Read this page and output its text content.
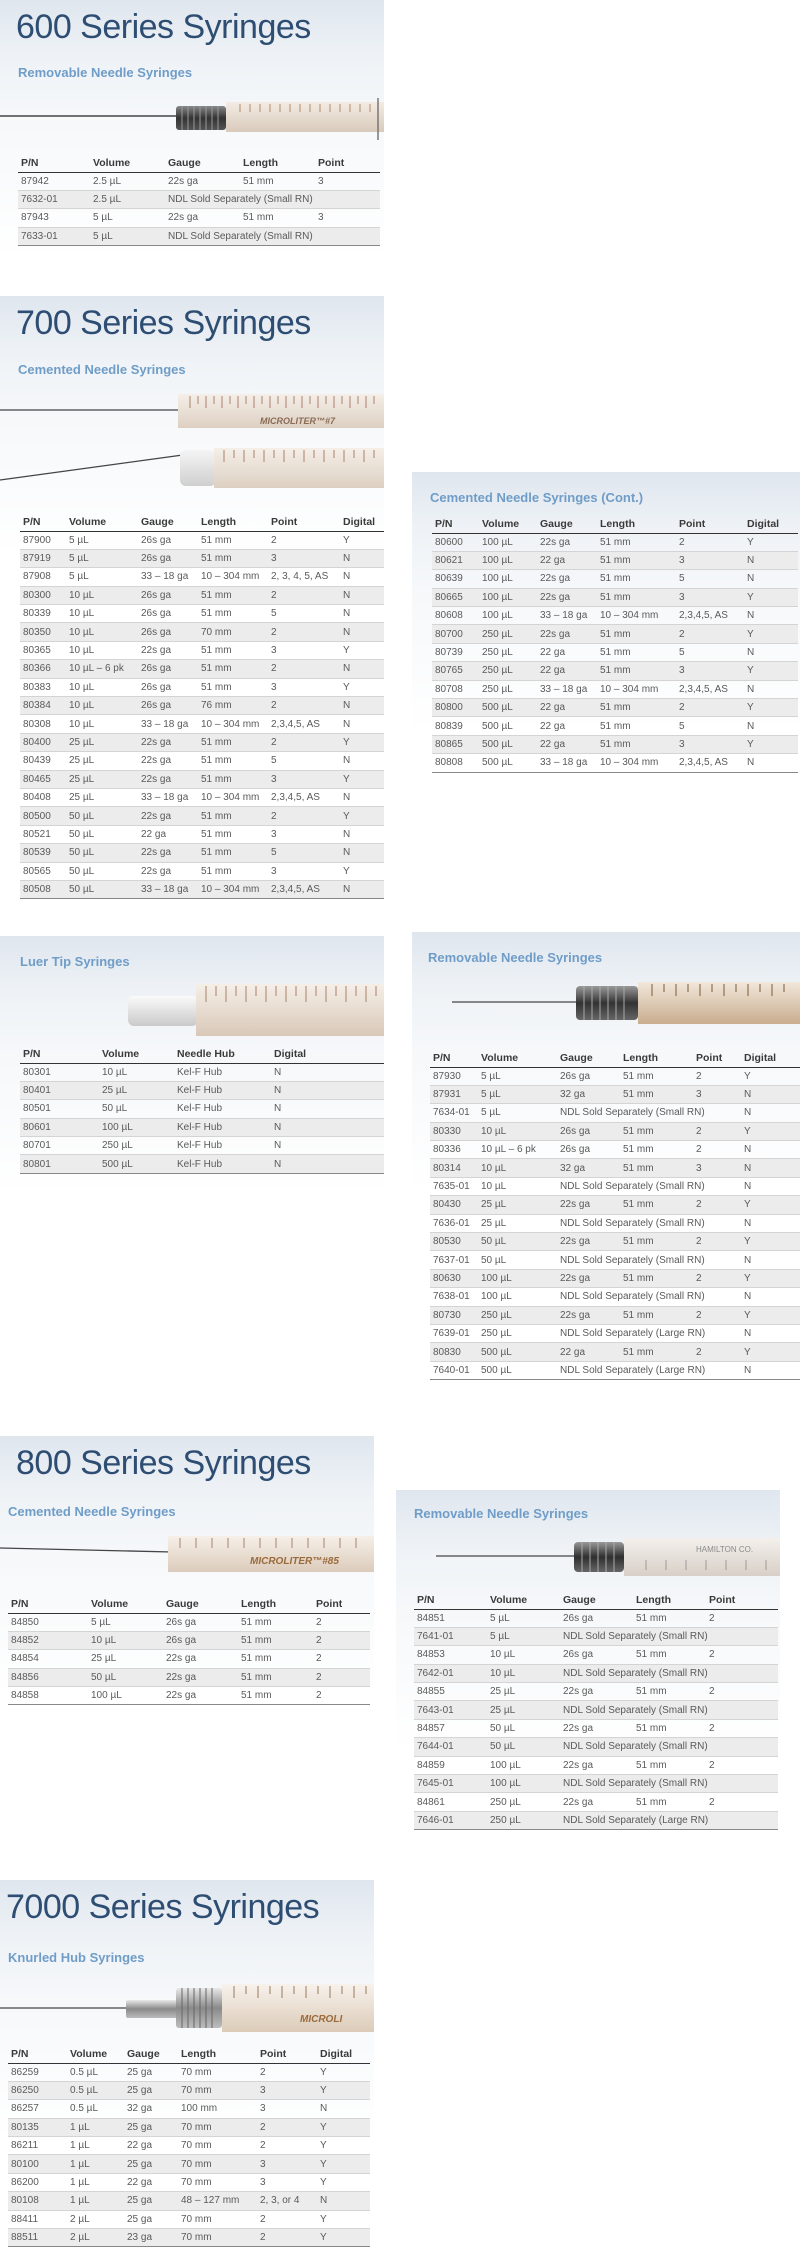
600 Series Syringes
Removable Needle Syringes
P/N	Volume	Gauge	Length	Point
87942	2.5 µL	22s ga	51 mm	3
7632-01	2.5 µL	NDL Sold Separately (Small RN)		
87943	5 µL	22s ga	51 mm	3
7633-01	5 µL	NDL Sold Separately (Small RN)		
700 Series Syringes
Cemented Needle Syringes
MICROLITER™#7
P/N	Volume	Gauge	Length	Point	Digital
87900	5 µL	26s ga	51 mm	2	Y
87919	5 µL	26s ga	51 mm	3	N
87908	5 µL	33 – 18 ga	10 – 304 mm	2, 3, 4, 5, AS	N
80300	10 µL	26s ga	51 mm	2	N
80339	10 µL	26s ga	51 mm	5	N
80350	10 µL	26s ga	70 mm	2	N
80365	10 µL	22s ga	51 mm	3	Y
80366	10 µL – 6 pk	26s ga	51 mm	2	N
80383	10 µL	26s ga	51 mm	3	Y
80384	10 µL	26s ga	76 mm	2	N
80308	10 µL	33 – 18 ga	10 – 304 mm	2,3,4,5, AS	N
80400	25 µL	22s ga	51 mm	2	Y
80439	25 µL	22s ga	51 mm	5	N
80465	25 µL	22s ga	51 mm	3	Y
80408	25 µL	33 – 18 ga	10 – 304 mm	2,3,4,5, AS	N
80500	50 µL	22s ga	51 mm	2	Y
80521	50 µL	22 ga	51 mm	3	N
80539	50 µL	22s ga	51 mm	5	N
80565	50 µL	22s ga	51 mm	3	Y
80508	50 µL	33 – 18 ga	10 – 304 mm	2,3,4,5, AS	N
Cemented Needle Syringes (Cont.)
P/N	Volume	Gauge	Length	Point	Digital
80600	100 µL	22s ga	51 mm	2	Y
80621	100 µL	22 ga	51 mm	3	N
80639	100 µL	22s ga	51 mm	5	N
80665	100 µL	22s ga	51 mm	3	Y
80608	100 µL	33 – 18 ga	10 – 304 mm	2,3,4,5, AS	N
80700	250 µL	22s ga	51 mm	2	Y
80739	250 µL	22 ga	51 mm	5	N
80765	250 µL	22 ga	51 mm	3	Y
80708	250 µL	33 – 18 ga	10 – 304 mm	2,3,4,5, AS	N
80800	500 µL	22 ga	51 mm	2	Y
80839	500 µL	22 ga	51 mm	5	N
80865	500 µL	22 ga	51 mm	3	Y
80808	500 µL	33 – 18 ga	10 – 304 mm	2,3,4,5, AS	N
Luer Tip Syringes
P/N	Volume	Needle Hub	Digital
80301	10 µL	Kel-F Hub	N
80401	25 µL	Kel-F Hub	N
80501	50 µL	Kel-F Hub	N
80601	100 µL	Kel-F Hub	N
80701	250 µL	Kel-F Hub	N
80801	500 µL	Kel-F Hub	N
Removable Needle Syringes
P/N	Volume	Gauge	Length	Point	Digital
87930	5 µL	26s ga	51 mm	2	Y
87931	5 µL	32 ga	51 mm	3	N
7634-01	5 µL	NDL Sold Separately (Small RN)			N
80330	10 µL	26s ga	51 mm	2	Y
80336	10 µL – 6 pk	26s ga	51 mm	2	N
80314	10 µL	32 ga	51 mm	3	N
7635-01	10 µL	NDL Sold Separately (Small RN)			N
80430	25 µL	22s ga	51 mm	2	Y
7636-01	25 µL	NDL Sold Separately (Small RN)			N
80530	50 µL	22s ga	51 mm	2	Y
7637-01	50 µL	NDL Sold Separately (Small RN)			N
80630	100 µL	22s ga	51 mm	2	Y
7638-01	100 µL	NDL Sold Separately (Small RN)			N
80730	250 µL	22s ga	51 mm	2	Y
7639-01	250 µL	NDL Sold Separately (Large RN)			N
80830	500 µL	22 ga	51 mm	2	Y
7640-01	500 µL	NDL Sold Separately (Large RN)			N
800 Series Syringes
Cemented Needle Syringes
MICROLITER™#85
P/N	Volume	Gauge	Length	Point
84850	5 µL	26s ga	51 mm	2
84852	10 µL	26s ga	51 mm	2
84854	25 µL	22s ga	51 mm	2
84856	50 µL	22s ga	51 mm	2
84858	100 µL	22s ga	51 mm	2
Removable Needle Syringes
HAMILTON CO.
P/N	Volume	Gauge	Length	Point
84851	5 µL	26s ga	51 mm	2
7641-01	5 µL	NDL Sold Separately (Small RN)		
84853	10 µL	26s ga	51 mm	2
7642-01	10 µL	NDL Sold Separately (Small RN)		
84855	25 µL	22s ga	51 mm	2
7643-01	25 µL	NDL Sold Separately (Small RN)		
84857	50 µL	22s ga	51 mm	2
7644-01	50 µL	NDL Sold Separately (Small RN)		
84859	100 µL	22s ga	51 mm	2
7645-01	100 µL	NDL Sold Separately (Small RN)		
84861	250 µL	22s ga	51 mm	2
7646-01	250 µL	NDL Sold Separately (Large RN)		
7000 Series Syringes
Knurled Hub Syringes
MICROLI
P/N	Volume	Gauge	Length	Point	Digital
86259	0.5 µL	25 ga	70 mm	2	Y
86250	0.5 µL	25 ga	70 mm	3	Y
86257	0.5 µL	32 ga	100 mm	3	N
80135	1 µL	25 ga	70 mm	2	Y
86211	1 µL	22 ga	70 mm	2	Y
80100	1 µL	25 ga	70 mm	3	Y
86200	1 µL	22 ga	70 mm	3	Y
80108	1 µL	25 ga	48 – 127 mm	2, 3, or 4	N
88411	2 µL	25 ga	70 mm	2	Y
88511	2 µL	23 ga	70 mm	2	Y
